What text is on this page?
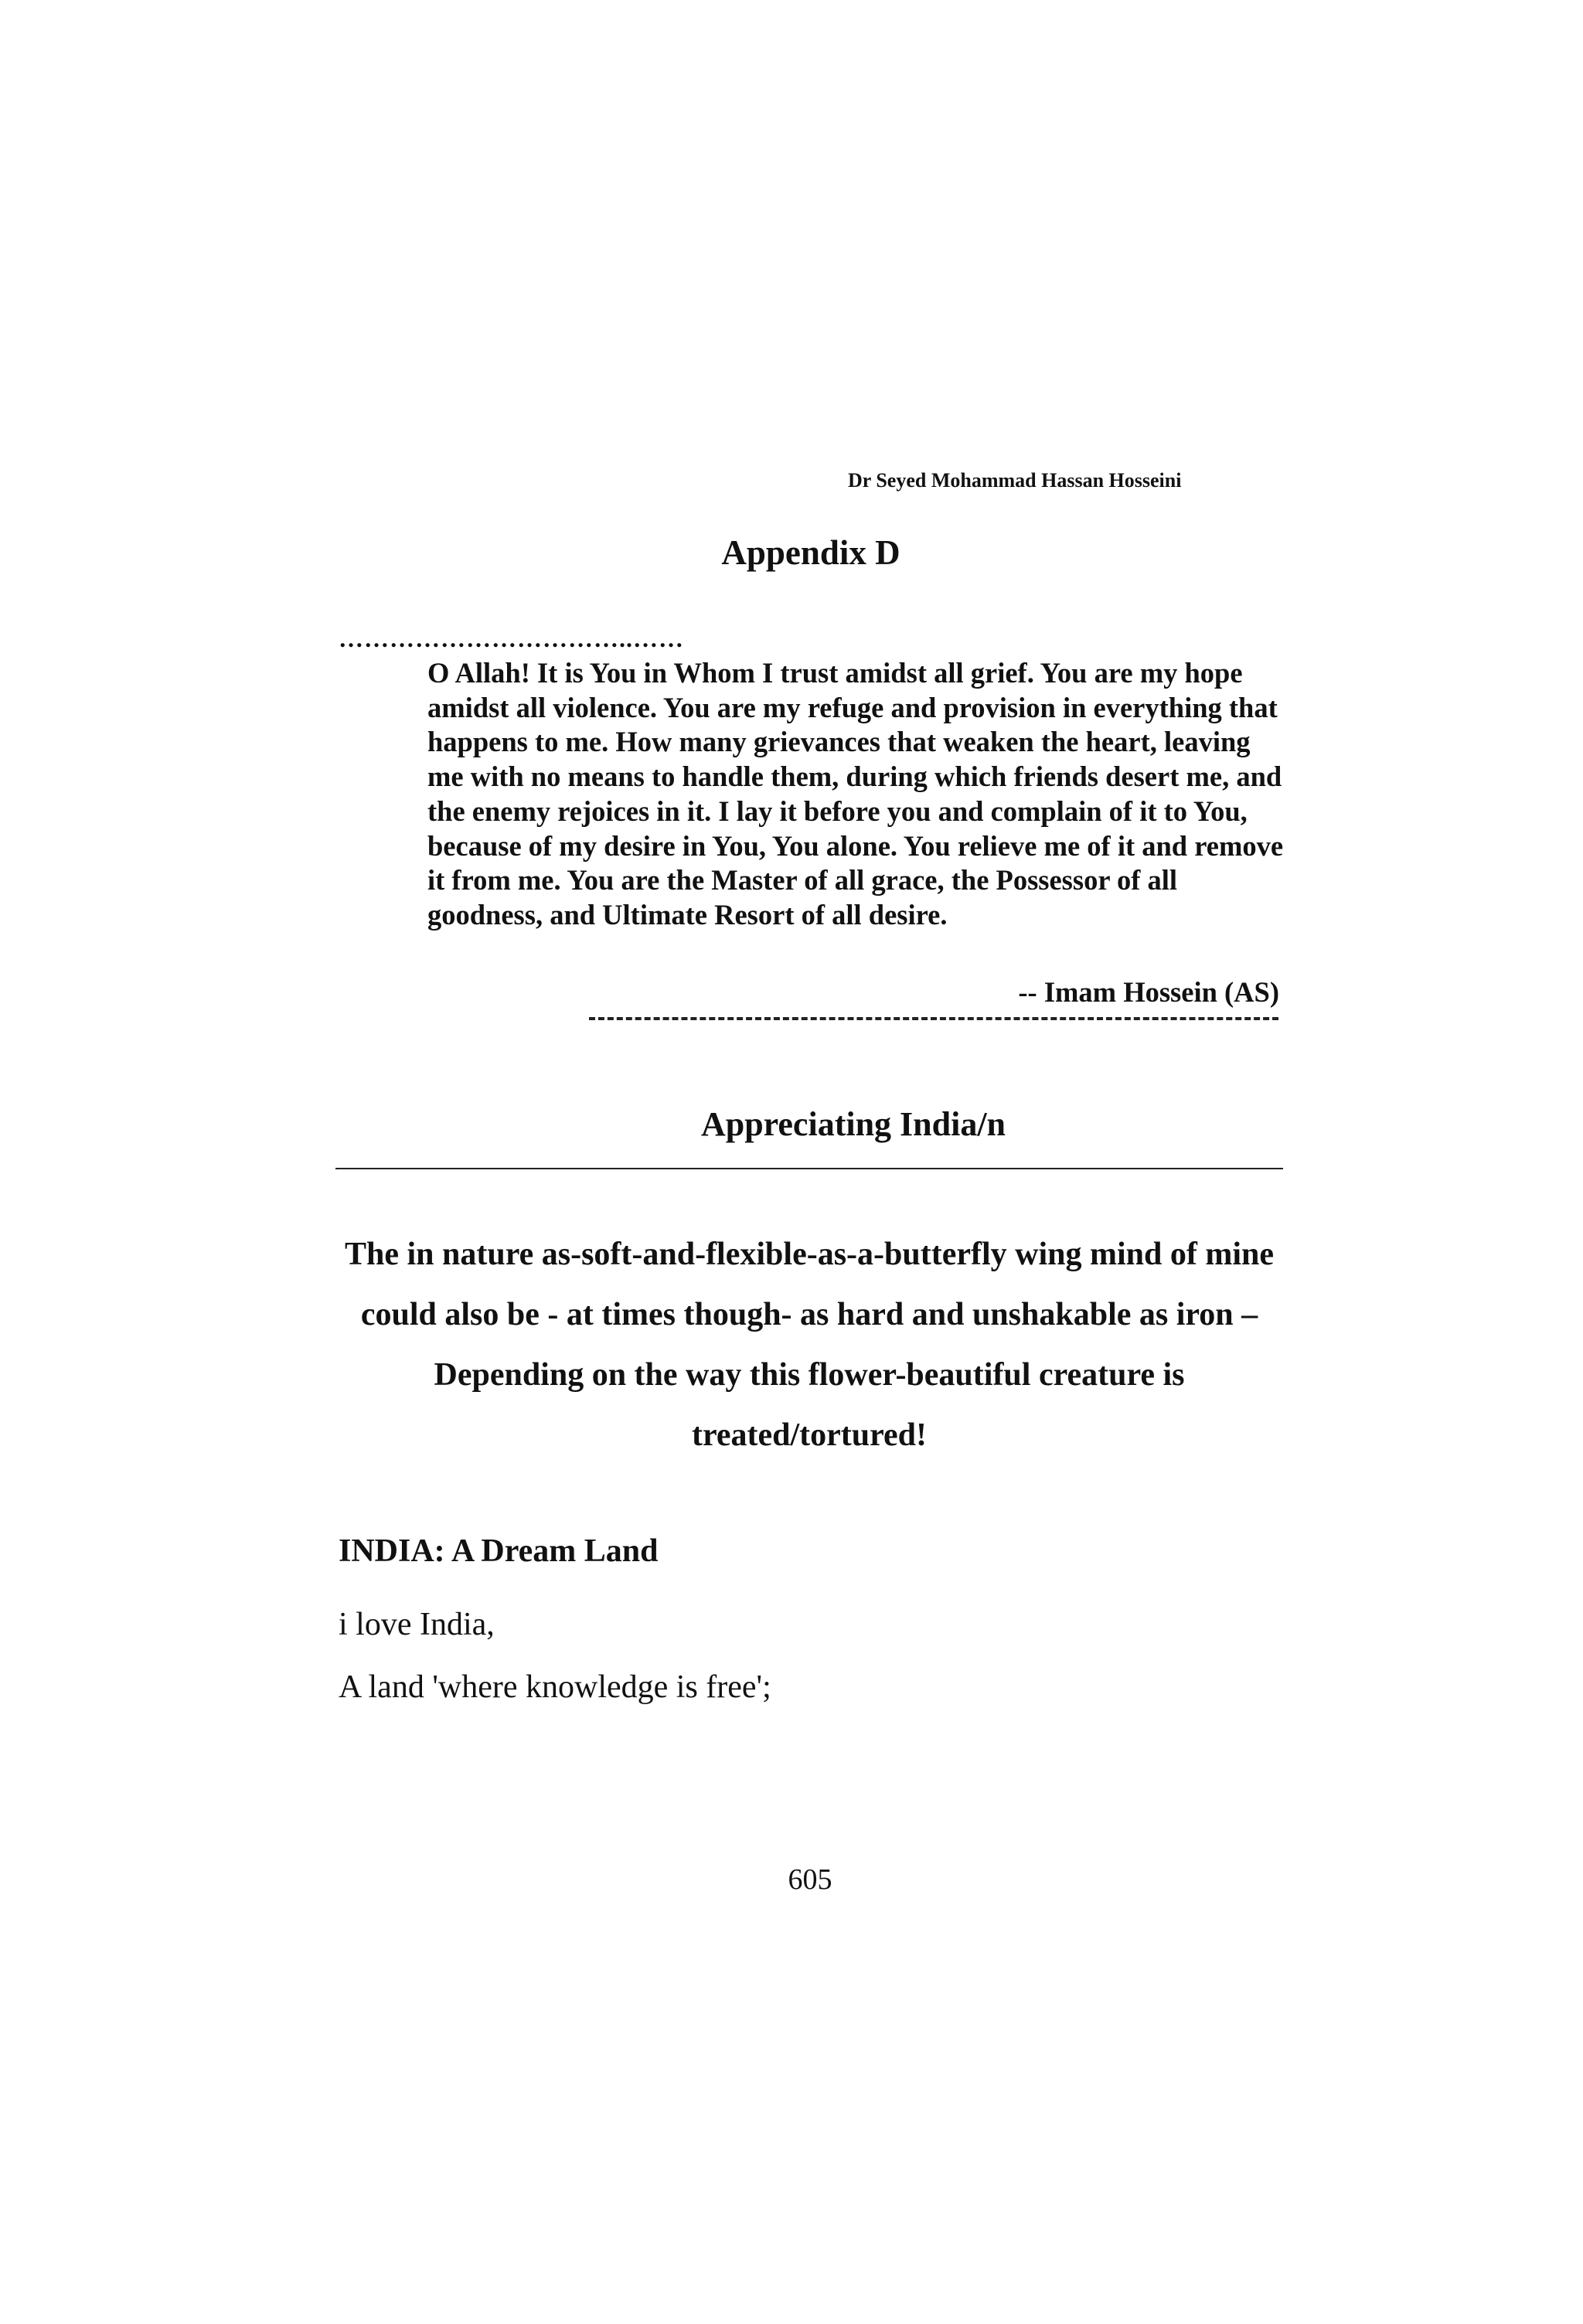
Dr Seyed Mohammad Hassan Hosseini
Appendix D
……………………………..……

O Allah! It is You in Whom I trust amidst all grief. You are my hope amidst all violence. You are my refuge and provision in everything that happens to me. How many grievances that weaken the heart, leaving me with no means to handle them, during which friends desert me, and the enemy rejoices in it. I lay it before you and complain of it to You, because of my desire in You, You alone. You relieve me of it and remove it from me. You are the Master of all grace, the Possessor of all goodness, and Ultimate Resort of all desire.

-- Imam Hossein (AS)
Appreciating India/n

The in nature as-soft-and-flexible-as-a-butterfly wing mind of mine could also be - at times though- as hard and unshakable as iron –Depending on the way this flower-beautiful creature is treated/tortured!

INDIA: A Dream Land
i love India,
A land 'where knowledge is free';
605
